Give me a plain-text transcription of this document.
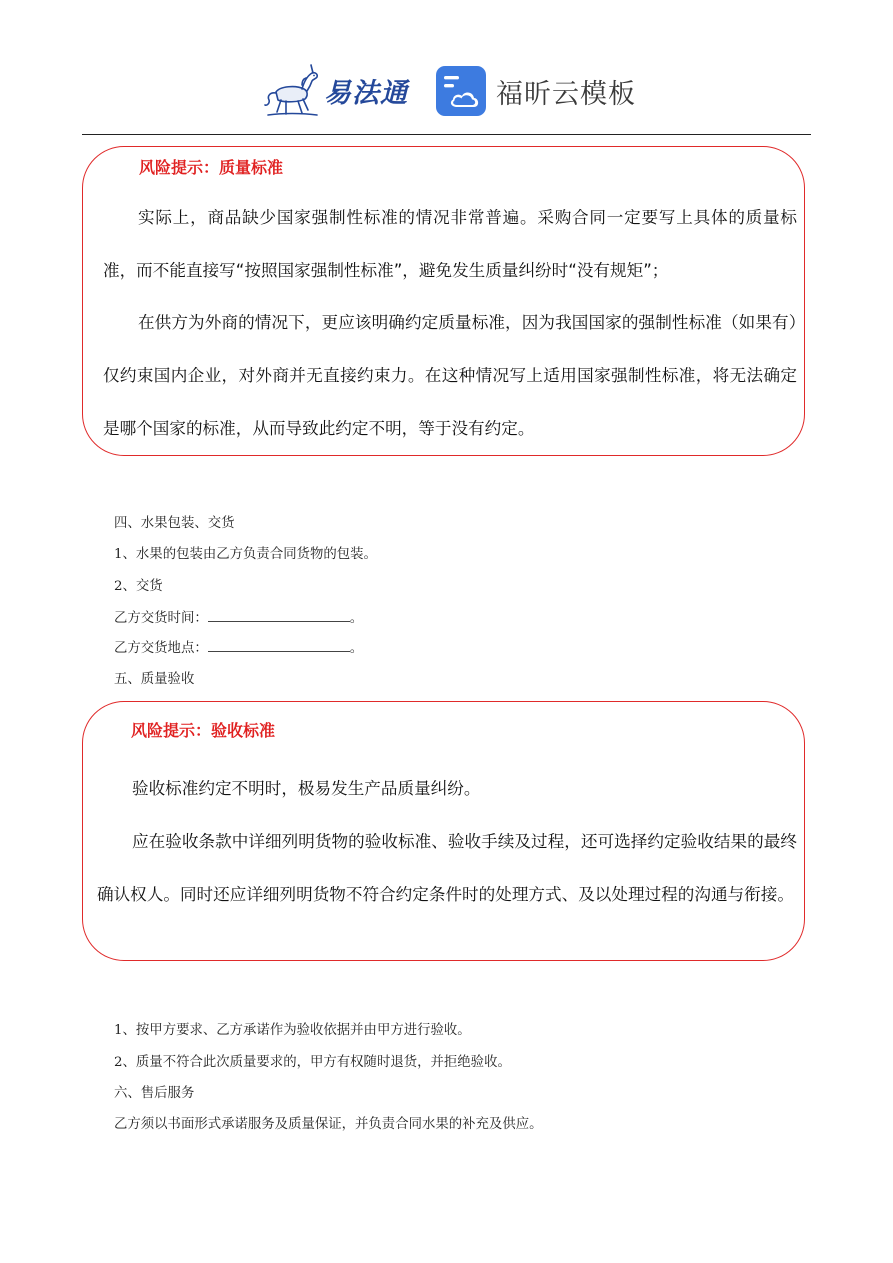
易法通	福昕云模板
风险提示：质量标准

实际上，商品缺少国家强制性标准的情况非常普遍。采购合同一定要写上具体的质量标准，而不能直接写“按照国家强制性标准”，避免发生质量纠纷时“没有规矩”；

在供方为外商的情况下，更应该明确约定质量标准，因为我国国家的强制性标准（如果有）仅约束国内企业，对外商并无直接约束力。在这种情况写上适用国家强制性标准，将无法确定是哪个国家的标准，从而导致此约定不明，等于没有约定。

四、水果包装、交货
1、水果的包装由乙方负责合同货物的包装。
2、交货
乙方交货时间：	。
乙方交货地点：	。
五、质量验收
风险提示：验收标准

验收标准约定不明时，极易发生产品质量纠纷。

应在验收条款中详细列明货物的验收标准、验收手续及过程，还可选择约定验收结果的最终确认权人。同时还应详细列明货物不符合约定条件时的处理方式、及以处理过程的沟通与衔接。

1、按甲方要求、乙方承诺作为验收依据并由甲方进行验收。
2、质量不符合此次质量要求的，甲方有权随时退货，并拒绝验收。
六、售后服务
乙方须以书面形式承诺服务及质量保证，并负责合同水果的补充及供应。
